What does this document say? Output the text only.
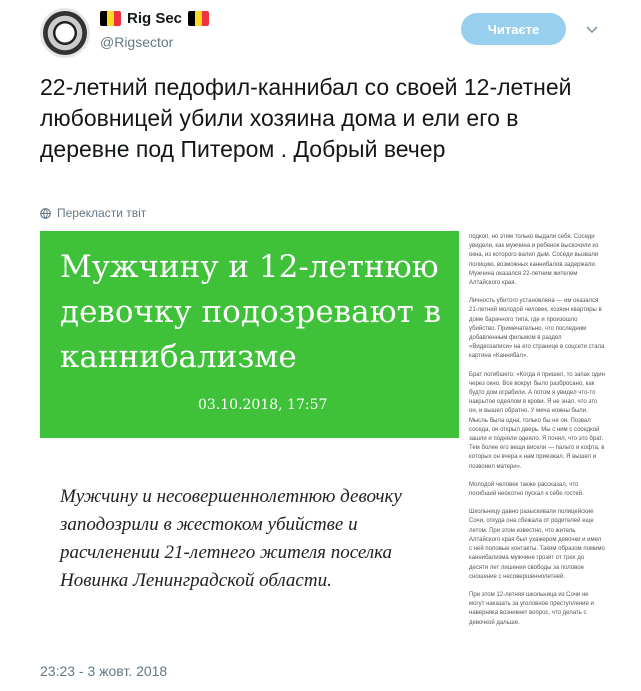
Rig Sec
@Rigsector
Читаєте

22-летний педофил-каннибал со своей 12-летней любовницей убили хозяина дома и ели его в деревне под Питером . Добрый вечер

Перекласти твіт
Мужчину и 12-летнюю девочку подозревают в каннибализме
03.10.2018, 17:57

Мужчину и несовершеннолетнюю девочку заподозрили в жестоком убийстве и расчленении 21-летнего жителя поселка Новинка Ленинградской области.

подкоп, но этим только выдали себя. Соседи увидели, как мужчина и ребенок выскочили из окна, из которого валил дым. Соседи вызвали полицию, возможных каннибалов задержали. Мужчина оказался 22-летним жителем Алтайского края.

Личность убитого установлена — им оказался 21-летний молодой человек, хозяин квартиры в доме барачного типа, где и произошло убийство. Примечательно, что последним добавленным фильмом в раздел «Видеозаписи» на его странице в соцсети стала картина «Каннибал».

Брат погибшего: «Когда я пришел, то запах один через окно. Все вокруг было разбросано, как будто дом ограбили. А потом я увидел что-то накрытое одеялом в крови. Я не знал, что это он, и вышел обратно. У меча ножны были. Мысль была одна, только бы не он. Позвал соседа, он открыл дверь. Мы с ним с соседкой зашли и подняли одеяло. Я понял, что это брат. Тем более его вещи висели — пальто и кофта, в которых он вчера к нам приезжал. Я вышел и позвонил матери».

Молодой человек также рассказал, что погибший неохотно пускал к себе гостей.

Школьницу давно разыскивали полицейские Сочи, откуда она сбежала от родителей еще летом. При этом известно, что житель Алтайского края был ухажером девочки и имел с ней половые контакты. Таким образом помимо каннибализма мужчине грозит от трех до десяти лет лишения свободы за половое сношение с несовершеннолетней.

При этом 12-летняя школьница из Сочи не могут наказать за уголовное преступление и наверняка возникнет вопрос, что делать с девочкой дальше.

23:23 - 3 жовт. 2018
